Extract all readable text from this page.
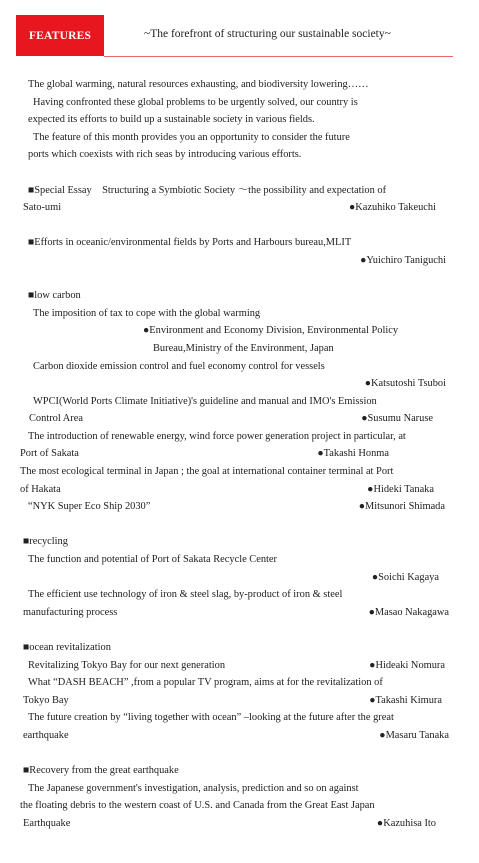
FEATURES	~The forefront of structuring our sustainable society~
The global warming, natural resources exhausting, and biodiversity lowering……
Having confronted these global problems to be urgently solved, our country is
expected its efforts to build up a sustainable society in various fields.
The feature of this month provides you an opportunity to consider the future
ports which coexists with rich seas by introducing various efforts.
■Special Essay　Structuring a Symbiotic Society ～the possibility and expectation of
Sato-umi	●Kazuhiko Takeuchi
■Efforts in oceanic/environmental fields by Ports and Harbours bureau,MLIT
●Yuichiro Taniguchi
■low carbon
The imposition of tax to cope with the global warming
●Environment and Economy Division, Environmental Policy
Bureau,Ministry of the Environment, Japan
Carbon dioxide emission control and fuel economy control for vessels
●Katsutoshi Tsuboi
WPCI(World Ports Climate Initiative)'s guideline and manual and IMO's Emission
Control Area	●Susumu Naruse
The introduction of renewable energy, wind force power generation project in particular, at
Port of Sakata	●Takashi Honma
The most ecological terminal in Japan ; the goal at international container terminal at Port
of Hakata	●Hideki Tanaka
“NYK Super Eco Ship 2030”	●Mitsunori Shimada
■recycling
The function and potential of Port of Sakata Recycle Center
●Soichi Kagaya
The efficient use technology of iron & steel slag, by-product of iron & steel
manufacturing process	●Masao Nakagawa
■ocean revitalization
Revitalizing Tokyo Bay for our next generation	●Hideaki Nomura
What “DASH BEACH” ,from a popular TV program, aims at for the revitalization of
Tokyo Bay	●Takashi Kimura
The future creation by “living together with ocean” –looking at the future after the great
earthquake	●Masaru Tanaka
■Recovery from the great earthquake
The Japanese government's investigation, analysis, prediction and so on against
the floating debris to the western coast of U.S. and Canada from the Great East Japan
Earthquake	●Kazuhisa Ito
